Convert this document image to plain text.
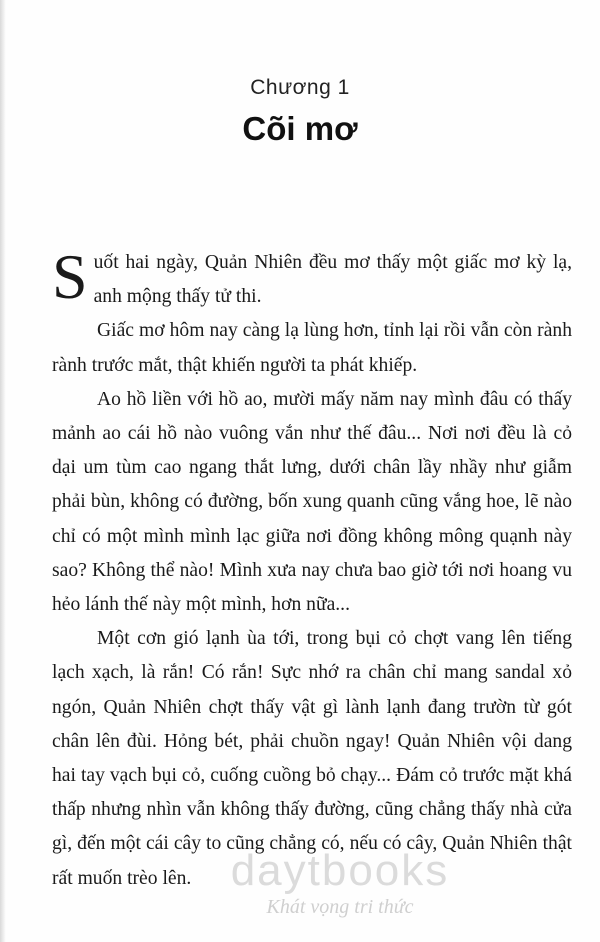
Chương 1
Cõi mơ

Suốt hai ngày, Quản Nhiên đều mơ thấy một giấc mơ kỳ lạ, anh mộng thấy tử thi.

Giấc mơ hôm nay càng lạ lùng hơn, tỉnh lại rồi vẫn còn rành rành trước mắt, thật khiến người ta phát khiếp.

Ao hồ liền với hồ ao, mười mấy năm nay mình đâu có thấy mảnh ao cái hồ nào vuông vắn như thế đâu... Nơi nơi đều là cỏ dại um tùm cao ngang thắt lưng, dưới chân lầy nhầy như giẫm phải bùn, không có đường, bốn xung quanh cũng vắng hoe, lẽ nào chỉ có một mình mình lạc giữa nơi đồng không mông quạnh này sao? Không thể nào! Mình xưa nay chưa bao giờ tới nơi hoang vu hẻo lánh thế này một mình, hơn nữa...

Một cơn gió lạnh ùa tới, trong bụi cỏ chợt vang lên tiếng lạch xạch, là rắn! Có rắn! Sực nhớ ra chân chỉ mang sandal xỏ ngón, Quản Nhiên chợt thấy vật gì lành lạnh đang trườn từ gót chân lên đùi. Hỏng bét, phải chuồn ngay! Quản Nhiên vội dang hai tay vạch bụi cỏ, cuống cuồng bỏ chạy... Đám cỏ trước mặt khá thấp nhưng nhìn vẫn không thấy đường, cũng chẳng thấy nhà cửa gì, đến một cái cây to cũng chẳng có, nếu có cây, Quản Nhiên thật rất muốn trèo lên. daytbooks
Khát vọng tri thức
